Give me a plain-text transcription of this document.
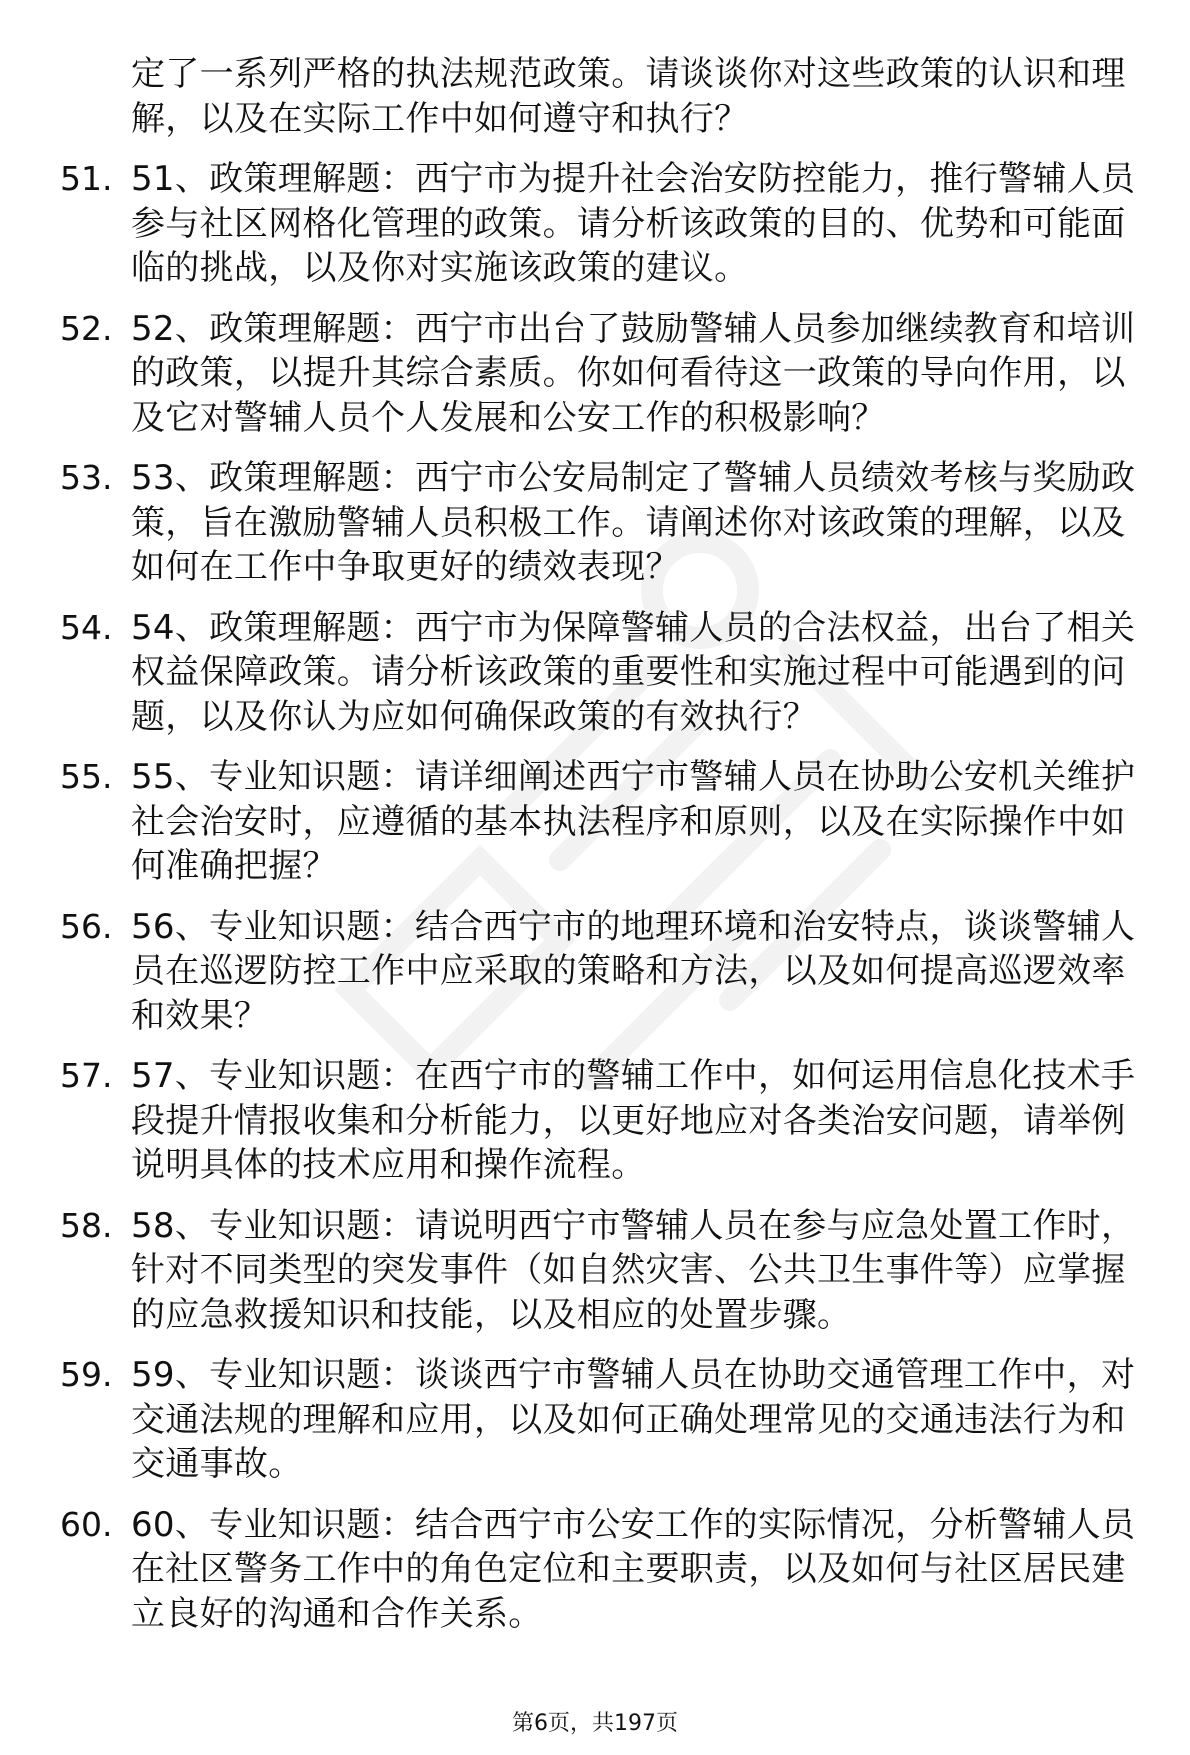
定了一系列严格的执法规范政策。请谈谈你对这些政策的认识和理解，以及在实际工作中如何遵守和执行？

51. 51、政策理解题：西宁市为提升社会治安防控能力，推行警辅人员参与社区网格化管理的政策。请分析该政策的目的、优势和可能面临的挑战，以及你对实施该政策的建议。

52. 52、政策理解题：西宁市出台了鼓励警辅人员参加继续教育和培训的政策，以提升其综合素质。你如何看待这一政策的导向作用，以及它对警辅人员个人发展和公安工作的积极影响？

53. 53、政策理解题：西宁市公安局制定了警辅人员绩效考核与奖励政策，旨在激励警辅人员积极工作。请阐述你对该政策的理解，以及如何在工作中争取更好的绩效表现？

54. 54、政策理解题：西宁市为保障警辅人员的合法权益，出台了相关权益保障政策。请分析该政策的重要性和实施过程中可能遇到的问题，以及你认为应如何确保政策的有效执行？

55. 55、专业知识题：请详细阐述西宁市警辅人员在协助公安机关维护社会治安时，应遵循的基本执法程序和原则，以及在实际操作中如何准确把握？

56. 56、专业知识题：结合西宁市的地理环境和治安特点，谈谈警辅人员在巡逻防控工作中应采取的策略和方法，以及如何提高巡逻效率和效果？

57. 57、专业知识题：在西宁市的警辅工作中，如何运用信息化技术手段提升情报收集和分析能力，以更好地应对各类治安问题，请举例说明具体的技术应用和操作流程。

58. 58、专业知识题：请说明西宁市警辅人员在参与应急处置工作时，针对不同类型的突发事件（如自然灾害、公共卫生事件等）应掌握的应急救援知识和技能，以及相应的处置步骤。

59. 59、专业知识题：谈谈西宁市警辅人员在协助交通管理工作中，对交通法规的理解和应用，以及如何正确处理常见的交通违法行为和交通事故。

60. 60、专业知识题：结合西宁市公安工作的实际情况，分析警辅人员在社区警务工作中的角色定位和主要职责，以及如何与社区居民建立良好的沟通和合作关系。

第6页，共197页
